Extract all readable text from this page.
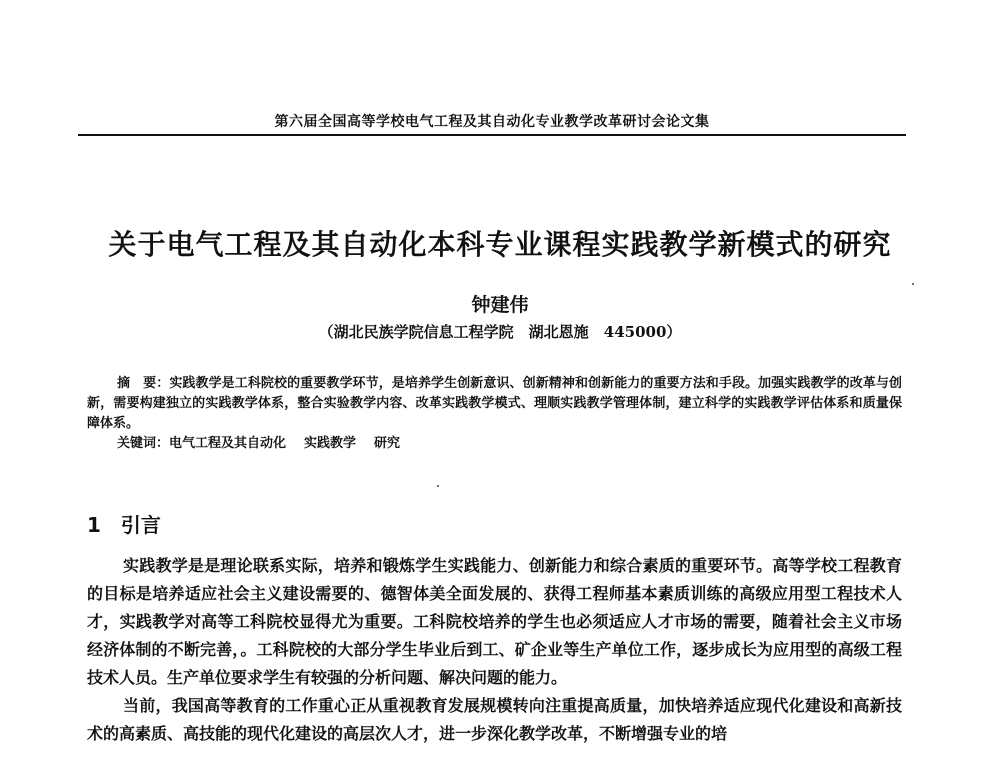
第六届全国高等学校电气工程及其自动化专业教学改革研讨会论文集
关于电气工程及其自动化本科专业课程实践教学新模式的研究
钟建伟
（湖北民族学院信息工程学院　湖北恩施 445000）

摘　要：实践教学是工科院校的重要教学环节，是培养学生创新意识、创新精神和创新能力的重要方法和手段。加强实践教学的改革与创新，需要构建独立的实践教学体系，整合实验教学内容、改革实践教学模式、理顺实践教学管理体制，建立科学的实践教学评估体系和质量保障体系。

关键词：电气工程及其自动化 实践教学 研究

1 引言

实践教学是是理论联系实际，培养和锻炼学生实践能力、创新能力和综合素质的重要环节。高等学校工程教育的目标是培养适应社会主义建设需要的、德智体美全面发展的、获得工程师基本素质训练的高级应用型工程技术人才，实践教学对高等工科院校显得尤为重要。工科院校培养的学生也必须适应人才市场的需要，随着社会主义市场经济体制的不断完善，。工科院校的大部分学生毕业后到工、矿企业等生产单位工作，逐步成长为应用型的高级工程技术人员。生产单位要求学生有较强的分析问题、解决问题的能力。

当前，我国高等教育的工作重心正从重视教育发展规模转向注重提高质量，加快培养适应现代化建设和高新技术的高素质、高技能的现代化建设的高层次人才，进一步深化教学改革，不断增强专业的培
